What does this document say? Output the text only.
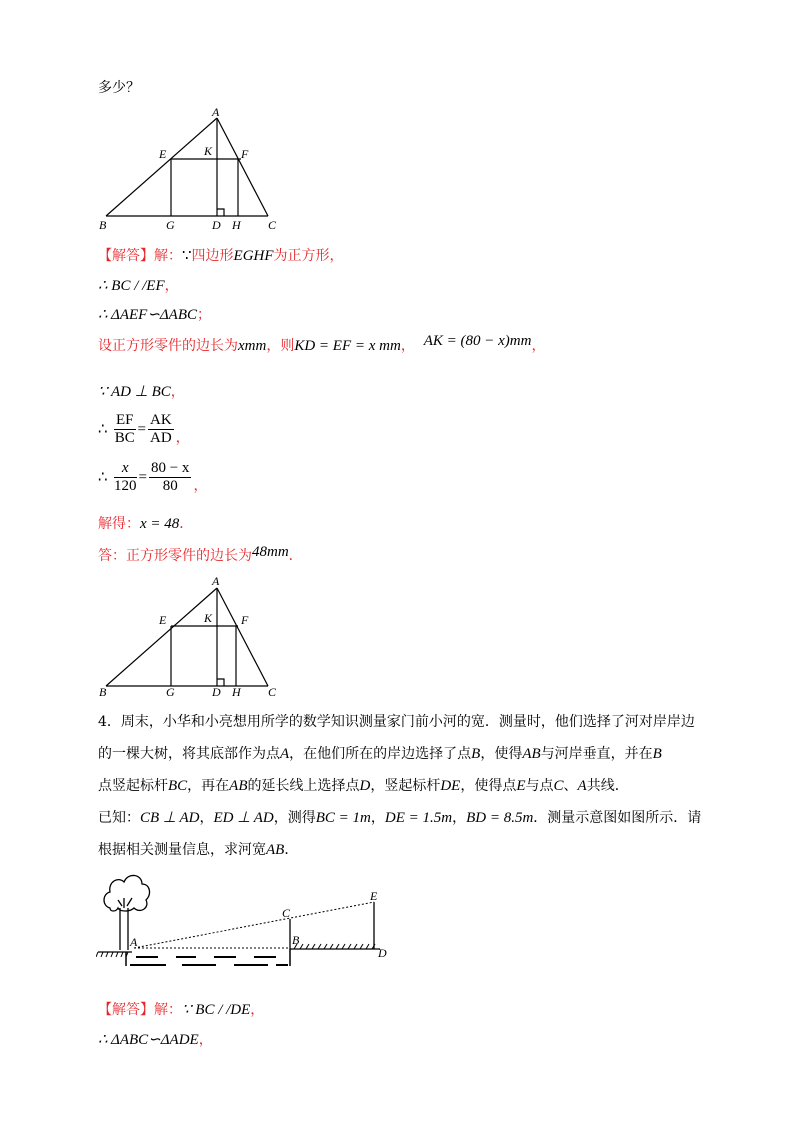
多少？
A
B	C
D
E	F
G	H
K
【解答】解：∵四边形EGHF为正方形，
∴ BC / /EF，
∴ ΔAEF∽ΔABC；
设正方形零件的边长为xmm，则KD = EF = x mm， AK = (80 − x)mm，
∵ AD ⊥ BC，
∴ $\frac{EF}{BC} = \frac{AK}{AD}$ ，
∴ $\frac{x}{120} = \frac{80 - x}{80}$ ，
解得：x = 48．
答：正方形零件的边长为48mm．
A
B	C
D
E	F
G	H
K
4．周末，小华和小亮想用所学的数学知识测量家门前小河的宽．测量时，他们选择了河对岸岸边
的一棵大树，将其底部作为点A，在他们所在的岸边选择了点B，使得AB与河岸垂直，并在B
点竖起标杆BC，再在AB的延长线上选择点D，竖起标杆DE，使得点E与点C、A共线．
已知：CB ⊥ AD，ED ⊥ AD，测得BC = 1m，DE = 1.5m，BD = 8.5m．测量示意图如图所示．请
根据相关测量信息，求河宽AB．
A	B
C
D
E
【解答】解：∵ BC / /DE，
∴ ΔABC∽ΔADE，
